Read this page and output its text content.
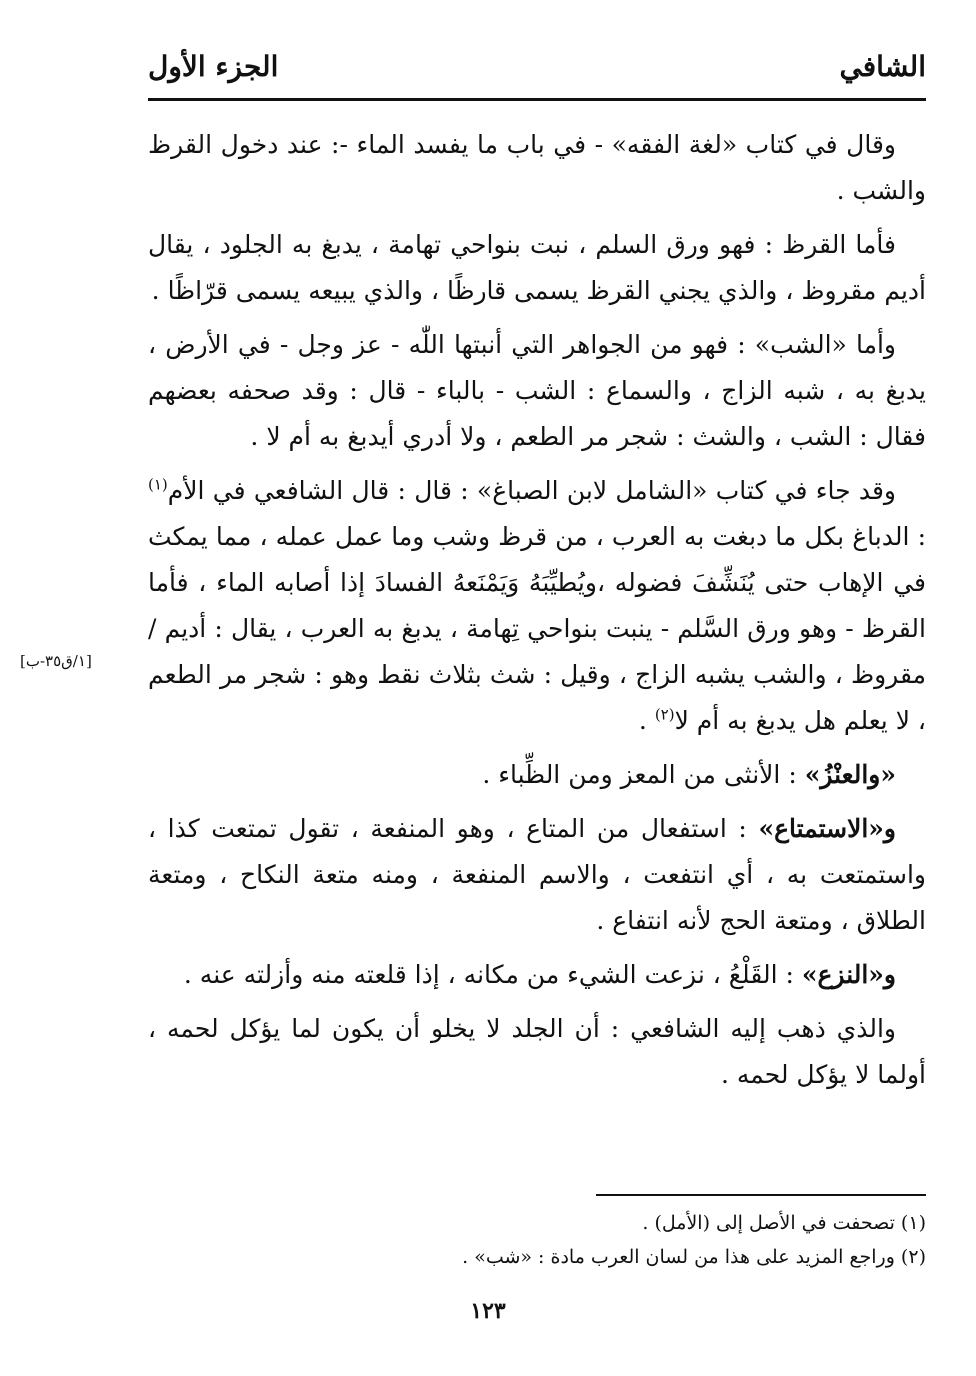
الشافي
الجزء الأول

وقال في كتاب «لغة الفقه» - في باب ما يفسد الماء -: عند دخول القرظ والشب .

فأما القرظ : فهو ورق السلم ، نبت بنواحي تهامة ، يدبغ به الجلود ، يقال أديم مقروظ ، والذي يجني القرظ يسمى قارظًا ، والذي يبيعه يسمى قرّاظًا .

وأما «الشب» : فهو من الجواهر التي أنبتها اللّٰه - عز وجل - في الأرض ، يدبغ به ، شبه الزاج ، والسماع : الشب - بالباء - قال : وقد صحفه بعضهم فقال : الشب ، والشث : شجر مر الطعم ، ولا أدري أيدبغ به أم لا .

وقد جاء في كتاب «الشامل لابن الصباغ» : قال : قال الشافعي في الأم$^{(١)}$ : الدباغ بكل ما دبغت به العرب ، من قرظ وشب وما عمل عمله ، مما يمكث في الإهاب حتى يُنَشِّفَ فضوله ،ويُطيِّبَهُ وَيَمْنَعهُ الفسادَ إذا أصابه الماء ، فأما القرظ - وهو ورق السَّلم - ينبت بنواحي تِهامة ، يدبغ به العرب ، يقال : أديم / مقروظ ، والشب يشبه الزاج ، وقيل : شث بثلاث نقط وهو : شجر مر الطعم ، لا يعلم هل يدبغ به أم لا$^{(٢)}$ .

«والعنْزُ» : الأنثى من المعز ومن الظِّباء .

و«الاستمتاع» : استفعال من المتاع ، وهو المنفعة ، تقول تمتعت كذا ، واستمتعت به ، أي انتفعت ، والاسم المنفعة ، ومنه متعة النكاح ، ومتعة الطلاق ، ومتعة الحج لأنه انتفاع .

و«النزع» : القَلْعُ ، نزعت الشيء من مكانه ، إذا قلعته منه وأزلته عنه .

والذي ذهب إليه الشافعي : أن الجلد لا يخلو أن يكون لما يؤكل لحمه ، أولما لا يؤكل لحمه .

[١/ق٣٥-ب]
(١) تصحفت في الأصل إلى (الأمل) .
(٢) وراجع المزيد على هذا من لسان العرب مادة : «شب» .
١٢٣
